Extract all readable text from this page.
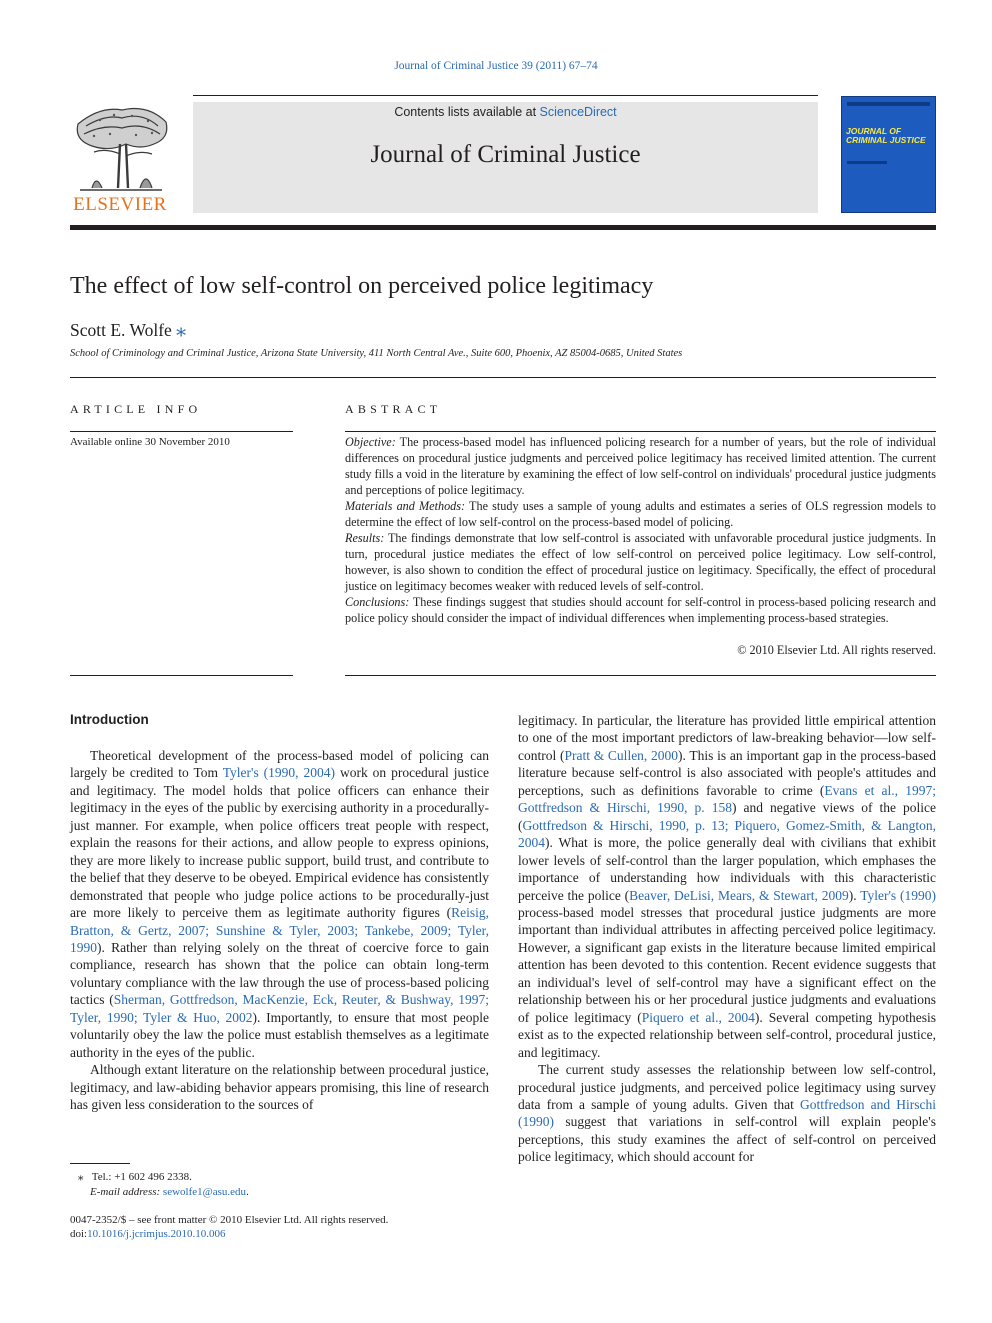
Journal of Criminal Justice 39 (2011) 67–74
ELSEVIER
Contents lists available at ScienceDirect
Journal of Criminal Justice
JOURNAL OF CRIMINAL JUSTICE
The effect of low self-control on perceived police legitimacy
Scott E. Wolfe ⁎
School of Criminology and Criminal Justice, Arizona State University, 411 North Central Ave., Suite 600, Phoenix, AZ 85004-0685, United States
ARTICLE INFO
Available online 30 November 2010
ABSTRACT

Objective: The process-based model has influenced policing research for a number of years, but the role of individual differences on procedural justice judgments and perceived police legitimacy has received limited attention. The current study fills a void in the literature by examining the effect of low self-control on individuals' procedural justice judgments and perceptions of police legitimacy.

Materials and Methods: The study uses a sample of young adults and estimates a series of OLS regression models to determine the effect of low self-control on the process-based model of policing.

Results: The findings demonstrate that low self-control is associated with unfavorable procedural justice judgments. In turn, procedural justice mediates the effect of low self-control on perceived police legitimacy. Low self-control, however, is also shown to condition the effect of procedural justice on legitimacy. Specifically, the effect of procedural justice on legitimacy becomes weaker with reduced levels of self-control.

Conclusions: These findings suggest that studies should account for self-control in process-based policing research and police policy should consider the impact of individual differences when implementing process-based strategies.

© 2010 Elsevier Ltd. All rights reserved.
Introduction

Theoretical development of the process-based model of policing can largely be credited to Tom Tyler's (1990, 2004) work on procedural justice and legitimacy. The model holds that police officers can enhance their legitimacy in the eyes of the public by exercising authority in a procedurally-just manner. For example, when police officers treat people with respect, explain the reasons for their actions, and allow people to express opinions, they are more likely to increase public support, build trust, and contribute to the belief that they deserve to be obeyed. Empirical evidence has consistently demonstrated that people who judge police actions to be procedurally-just are more likely to perceive them as legitimate authority figures (Reisig, Bratton, & Gertz, 2007; Sunshine & Tyler, 2003; Tankebe, 2009; Tyler, 1990). Rather than relying solely on the threat of coercive force to gain compliance, research has shown that the police can obtain long-term voluntary compliance with the law through the use of process-based policing tactics (Sherman, Gottfredson, MacKenzie, Eck, Reuter, & Bushway, 1997; Tyler, 1990; Tyler & Huo, 2002). Importantly, to ensure that most people voluntarily obey the law the police must establish themselves as a legitimate authority in the eyes of the public.

Although extant literature on the relationship between procedural justice, legitimacy, and law-abiding behavior appears promising, this line of research has given less consideration to the sources of

legitimacy. In particular, the literature has provided little empirical attention to one of the most important predictors of law-breaking behavior—low self-control (Pratt & Cullen, 2000). This is an important gap in the process-based literature because self-control is also associated with people's attitudes and perceptions, such as definitions favorable to crime (Evans et al., 1997; Gottfredson & Hirschi, 1990, p. 158) and negative views of the police (Gottfredson & Hirschi, 1990, p. 13; Piquero, Gomez-Smith, & Langton, 2004). What is more, the police generally deal with civilians that exhibit lower levels of self-control than the larger population, which emphases the importance of understanding how individuals with this characteristic perceive the police (Beaver, DeLisi, Mears, & Stewart, 2009). Tyler's (1990) process-based model stresses that procedural justice judgments are more important than individual attributes in affecting perceived police legitimacy. However, a significant gap exists in the literature because limited empirical attention has been devoted to this contention. Recent evidence suggests that an individual's level of self-control may have a significant effect on the relationship between his or her procedural justice judgments and evaluations of police legitimacy (Piquero et al., 2004). Several competing hypothesis exist as to the expected relationship between self-control, procedural justice, and legitimacy.

The current study assesses the relationship between low self-control, procedural justice judgments, and perceived police legitimacy using survey data from a sample of young adults. Given that Gottfredson and Hirschi (1990) suggest that variations in self-control will explain people's perceptions, this study examines the affect of self-control on perceived police legitimacy, which should account for

⁎ Tel.: +1 602 496 2338.
E-mail address: sewolfe1@asu.edu.
0047-2352/$ – see front matter © 2010 Elsevier Ltd. All rights reserved.
doi:10.1016/j.jcrimjus.2010.10.006
